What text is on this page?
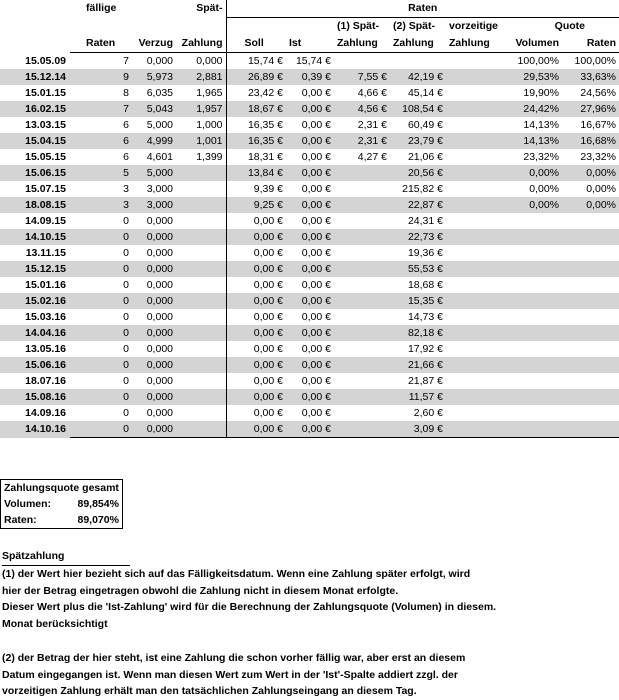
	fällige		Spät-	Raten						
						(1) Spät-	(2) Spät-	vorzeitige	Quote	
	Raten	Verzug	Zahlung	Soll	Ist	Zahlung	Zahlung	Zahlung	Volumen	Raten
15.05.09	7	0,000	0,000	15,74 €	15,74 €				100,00%	100,00%
15.12.14	9	5,973	2,881	26,89 €	0,39 €	7,55 €	42,19 €		29,53%	33,63%
15.01.15	8	6,035	1,965	23,42 €	0,00 €	4,66 €	45,14 €		19,90%	24,56%
16.02.15	7	5,043	1,957	18,67 €	0,00 €	4,56 €	108,54 €		24,42%	27,96%
13.03.15	6	5,000	1,000	16,35 €	0,00 €	2,31 €	60,49 €		14,13%	16,67%
15.04.15	6	4,999	1,001	16,35 €	0,00 €	2,31 €	23,79 €		14,13%	16,68%
15.05.15	6	4,601	1,399	18,31 €	0,00 €	4,27 €	21,06 €		23,32%	23,32%
15.06.15	5	5,000		13,84 €	0,00 €		20,56 €		0,00%	0,00%
15.07.15	3	3,000		9,39 €	0,00 €		215,82 €		0,00%	0,00%
18.08.15	3	3,000		9,25 €	0,00 €		22,87 €		0,00%	0,00%
14.09.15	0	0,000		0,00 €	0,00 €		24,31 €			
14.10.15	0	0,000		0,00 €	0,00 €		22,73 €			
13.11.15	0	0,000		0,00 €	0,00 €		19,36 €			
15.12.15	0	0,000		0,00 €	0,00 €		55,53 €			
15.01.16	0	0,000		0,00 €	0,00 €		18,68 €			
15.02.16	0	0,000		0,00 €	0,00 €		15,35 €			
15.03.16	0	0,000		0,00 €	0,00 €		14,73 €			
14.04.16	0	0,000		0,00 €	0,00 €		82,18 €			
13.05.16	0	0,000		0,00 €	0,00 €		17,92 €			
15.06.16	0	0,000		0,00 €	0,00 €		21,66 €			
18.07.16	0	0,000		0,00 €	0,00 €		21,87 €			
15.08.16	0	0,000		0,00 €	0,00 €		11,57 €			
14.09.16	0	0,000		0,00 €	0,00 €		2,60 €			
14.10.16	0	0,000		0,00 €	0,00 €		3,09 €			
Zahlungsquote gesamt	
Volumen:	89,854%
Raten:	89,070%
Spätzahlung

(1) der Wert hier bezieht sich auf das Fälligkeitsdatum. Wenn eine Zahlung später erfolgt, wird

hier der Betrag eingetragen obwohl die Zahlung nicht in diesem Monat erfolgte.

Dieser Wert plus die 'Ist-Zahlung' wird für die Berechnung der Zahlungsquote (Volumen) in diesem.

Monat berücksichtigt

(2) der Betrag der hier steht, ist eine Zahlung die schon vorher fällig war, aber erst an diesem

Datum eingegangen ist. Wenn man diesen Wert zum Wert in der 'Ist'-Spalte addiert zzgl. der

vorzeitigen Zahlung erhält man den tatsächlichen Zahlungseingang an diesem Tag.
